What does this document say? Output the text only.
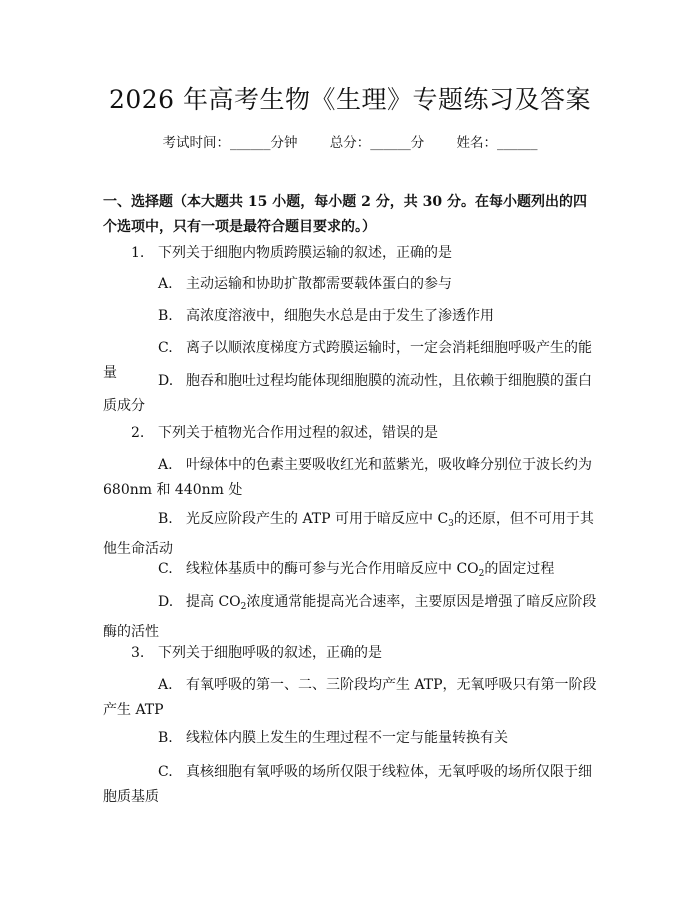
2026 年高考生物《生理》专题练习及答案
考试时间：______分钟 总分：______分 姓名：______
一、选择题（本大题共 15 小题，每小题 2 分，共 30 分。在每小题列出的四个选项中，只有一项是最符合题目要求的。）
1. 下列关于细胞内物质跨膜运输的叙述，正确的是
A. 主动运输和协助扩散都需要载体蛋白的参与
B. 高浓度溶液中，细胞失水总是由于发生了渗透作用
C. 离子以顺浓度梯度方式跨膜运输时，一定会消耗细胞呼吸产生的能量	D. 胞吞和胞吐过程均能体现细胞膜的流动性，且依赖于细胞膜的蛋白质成分
2. 下列关于植物光合作用过程的叙述，错误的是
A. 叶绿体中的色素主要吸收红光和蓝紫光，吸收峰分别位于波长约为 680nm 和 440nm 处
B. 光反应阶段产生的 ATP 可用于暗反应中 $C_3$的还原，但不可用于其他生命活动
C. 线粒体基质中的酶可参与光合作用暗反应中 $CO_2$的固定过程
D. 提高 $CO_2$浓度通常能提高光合速率，主要原因是增强了暗反应阶段酶的活性
3. 下列关于细胞呼吸的叙述，正确的是
A. 有氧呼吸的第一、二、三阶段均产生 ATP，无氧呼吸只有第一阶段产生 ATP
B. 线粒体内膜上发生的生理过程不一定与能量转换有关
C. 真核细胞有氧呼吸的场所仅限于线粒体，无氧呼吸的场所仅限于细胞质基质
